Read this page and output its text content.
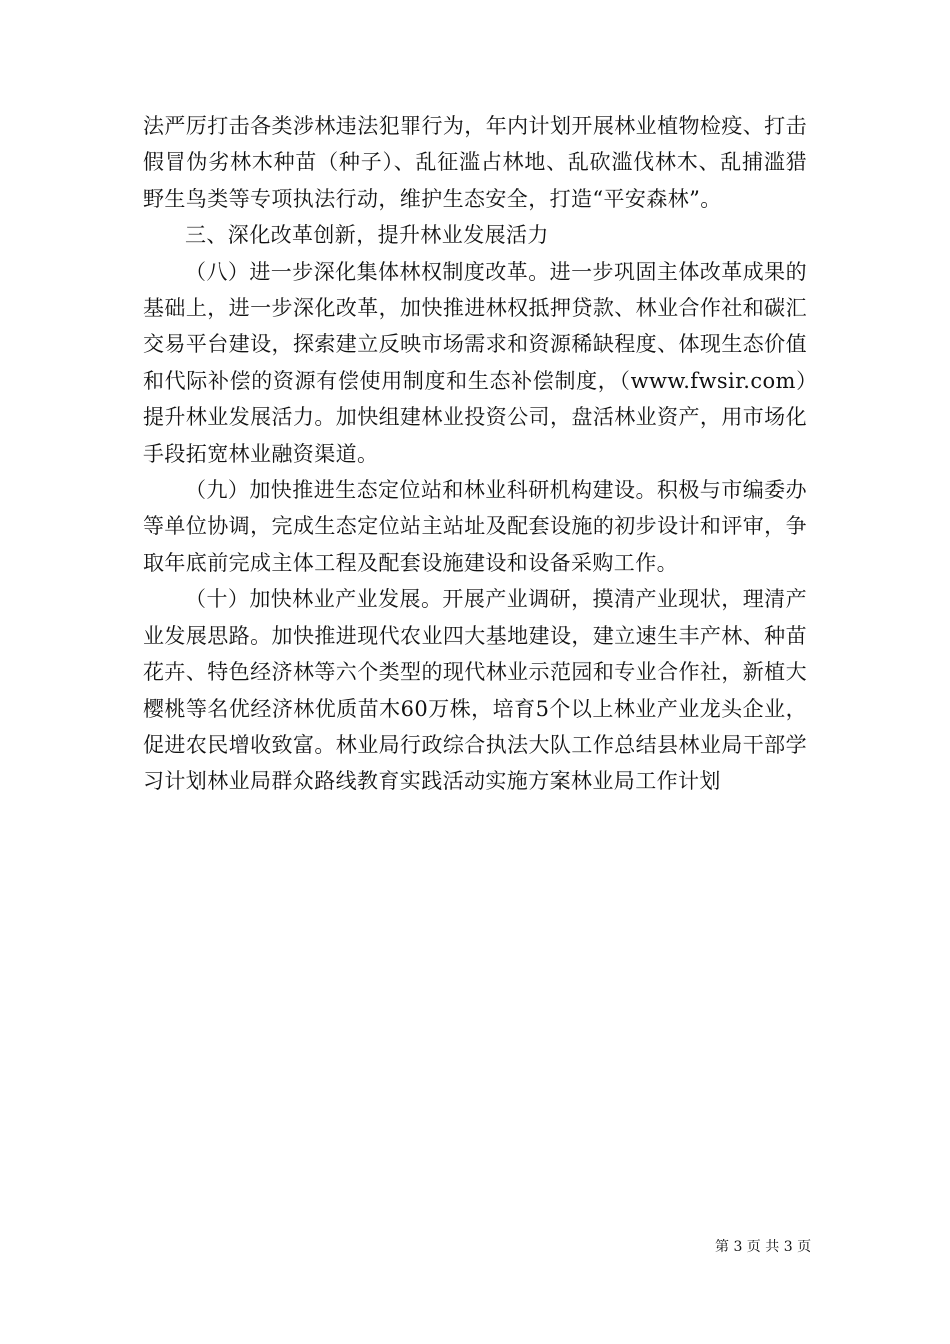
法严厉打击各类涉林违法犯罪行为，年内计划开展林业植物检疫、打击假冒伪劣林木种苗（种子）、乱征滥占林地、乱砍滥伐林木、乱捕滥猎野生鸟类等专项执法行动，维护生态安全，打造“平安森林”。

三、深化改革创新，提升林业发展活力

（八）进一步深化集体林权制度改革。进一步巩固主体改革成果的基础上，进一步深化改革，加快推进林权抵押贷款、林业合作社和碳汇交易平台建设，探索建立反映市场需求和资源稀缺程度、体现生态价值和代际补偿的资源有偿使用制度和生态补偿制度，（www.fwsir.com）提升林业发展活力。加快组建林业投资公司，盘活林业资产，用市场化手段拓宽林业融资渠道。

（九）加快推进生态定位站和林业科研机构建设。积极与市编委办等单位协调，完成生态定位站主站址及配套设施的初步设计和评审，争取年底前完成主体工程及配套设施建设和设备采购工作。

（十）加快林业产业发展。开展产业调研，摸清产业现状，理清产业发展思路。加快推进现代农业四大基地建设，建立速生丰产林、种苗花卉、特色经济林等六个类型的现代林业示范园和专业合作社，新植大樱桃等名优经济林优质苗木60万株，培育5个以上林业产业龙头企业，促进农民增收致富。林业局行政综合执法大队工作总结县林业局干部学习计划林业局群众路线教育实践活动实施方案林业局工作计划

第 3 页 共 3 页
